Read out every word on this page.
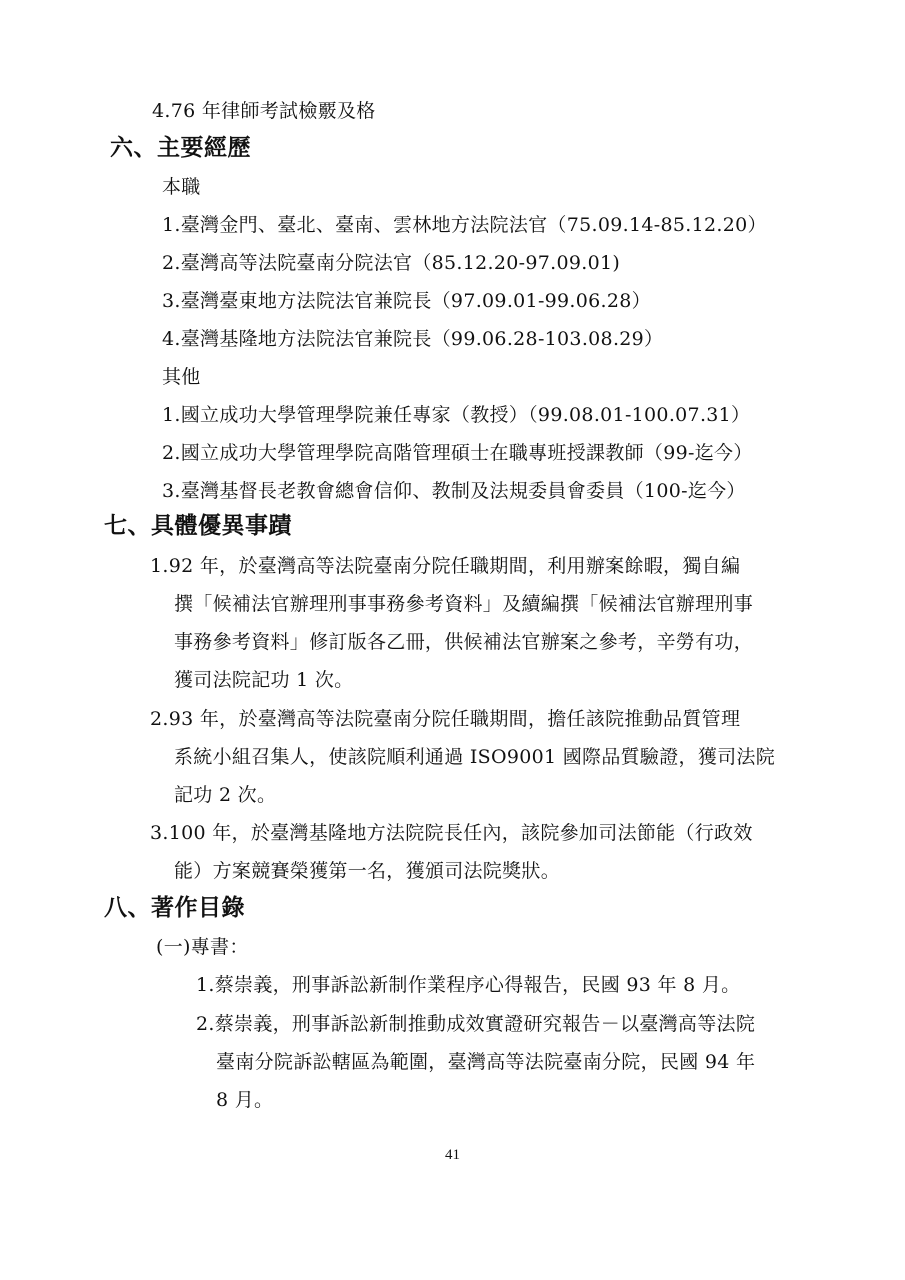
4.76 年律師考試檢覈及格
六、主要經歷
本職
1.臺灣金門、臺北、臺南、雲林地方法院法官（75.09.14-85.12.20）
2.臺灣高等法院臺南分院法官（85.12.20-97.09.01)
3.臺灣臺東地方法院法官兼院長（97.09.01-99.06.28）
4.臺灣基隆地方法院法官兼院長（99.06.28-103.08.29）
其他
1.國立成功大學管理學院兼任專家（教授）（99.08.01-100.07.31）
2.國立成功大學管理學院高階管理碩士在職專班授課教師（99-迄今）
3.臺灣基督長老教會總會信仰、教制及法規委員會委員（100-迄今）
七、具體優異事蹟
1.92 年，於臺灣高等法院臺南分院任職期間，利用辦案餘暇，獨自編
撰「候補法官辦理刑事事務參考資料」及續編撰「候補法官辦理刑事
事務參考資料」修訂版各乙冊，供候補法官辦案之參考，辛勞有功，
獲司法院記功 1 次。
2.93 年，於臺灣高等法院臺南分院任職期間，擔任該院推動品質管理
系統小組召集人，使該院順利通過 ISO9001 國際品質驗證，獲司法院
記功 2 次。
3.100 年，於臺灣基隆地方法院院長任內，該院參加司法節能（行政效
能）方案競賽榮獲第一名，獲頒司法院獎狀。
八、著作目錄
(一)專書：
1.蔡崇義，刑事訴訟新制作業程序心得報告，民國 93 年 8 月。
2.蔡崇義，刑事訴訟新制推動成效實證研究報告－以臺灣高等法院
臺南分院訴訟轄區為範圍，臺灣高等法院臺南分院，民國 94 年
8 月。
41
